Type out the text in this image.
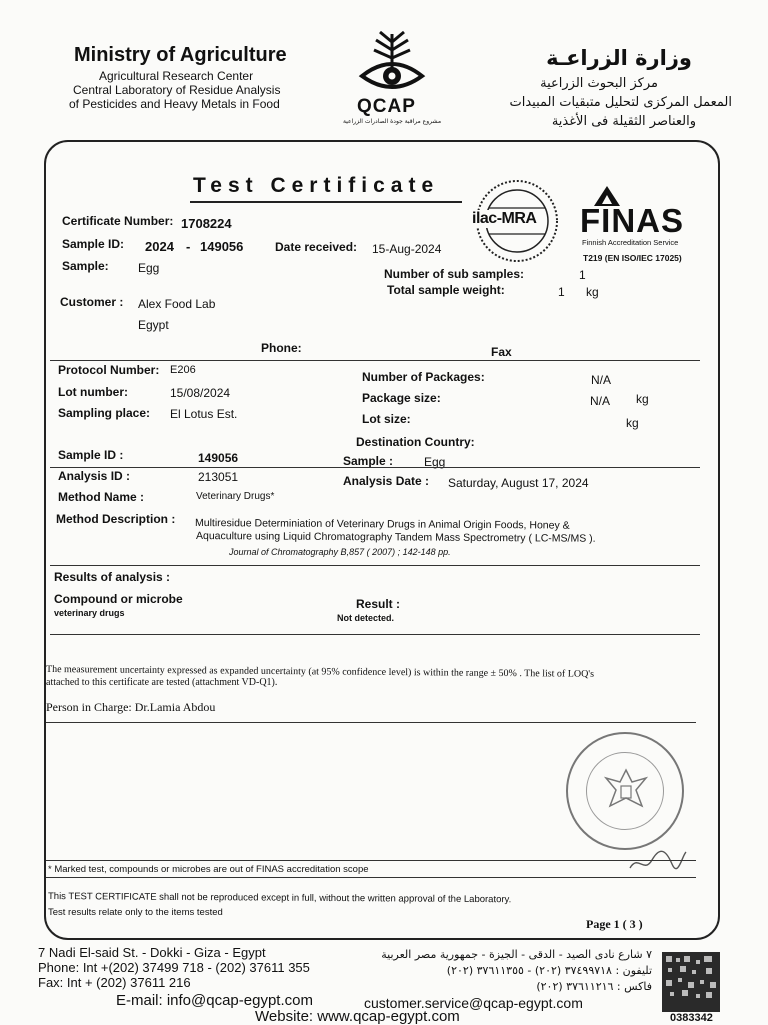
Ministry of Agriculture
Agricultural Research Center
Central Laboratory of Residue Analysis
of Pesticides and Heavy Metals in Food	QCAP
مشروع مراقبة جودة الصادرات الزراعية
وزارة الزراعـة
مركز البحوث الزراعية
المعمل المركزى لتحليل متبقيات المبيدات
والعناصر الثقيلة فى الأغذية
Test Certificate
ilac-MRA FINAS
Finnish Accreditation Service
T219 (EN ISO/IEC 17025)
Certificate Number: 1708224
Sample ID: 2024 - 149056	Date received: 15-Aug-2024
Sample: Egg	Number of sub samples:	1
Total sample weight:	1 kg
Customer : Alex Food Lab
Egypt
Phone:	Fax
Protocol Number: E206
Lot number:	15/08/2024
Sampling place: El Lotus Est.
Number of Packages:	N/A
Package size:	N/A kg
Lot size:	kg
Destination Country:
Sample ID :	149056	Sample :	Egg
Analysis ID :	213051	Analysis Date : Saturday, August 17, 2024
Method Name :	Veterinary Drugs*
Method Description : Multiresidue Determiniation of Veterinary Drugs in Animal Origin Foods, Honey &
Aquaculture using Liquid Chromatography Tandem Mass Spectrometry ( LC-MS/MS ).
Journal of Chromatography B,857 ( 2007) ; 142-148 pp.
Results of analysis :
Compound or microbe
veterinary drugs
Result :
Not detected.
The measurement uncertainty expressed as expanded uncertainty (at 95% confidence level) is within the range ± 50% . The list of LOQ's
attached to this certificate are tested (attachment VD-Q1).
Person in Charge: Dr.Lamia Abdou
* Marked test, compounds or microbes are out of FINAS accreditation scope
This TEST CERTIFICATE shall not be reproduced except in full, without the written approval of the Laboratory.
Test results relate only to the items tested
Page 1 ( 3 )
7 Nadi El-said St. - Dokki - Giza - Egypt
Phone: Int +(202) 37499 718 - (202) 37611 355
Fax: Int + (202) 37611 216
E-mail: info@qcap-egypt.com
Website: www.qcap-egypt.com
٧ شارع نادى الصيد - الدقى - الجيزة - جمهورية مصر العربية
تليفون : ٣٧٤٩٩٧١٨ (٢٠٢) - ٣٧٦١١٣٥٥ (٢٠٢)
فاكس : ٣٧٦١١٢١٦ (٢٠٢)
customer.service@qcap-egypt.com
0383342
